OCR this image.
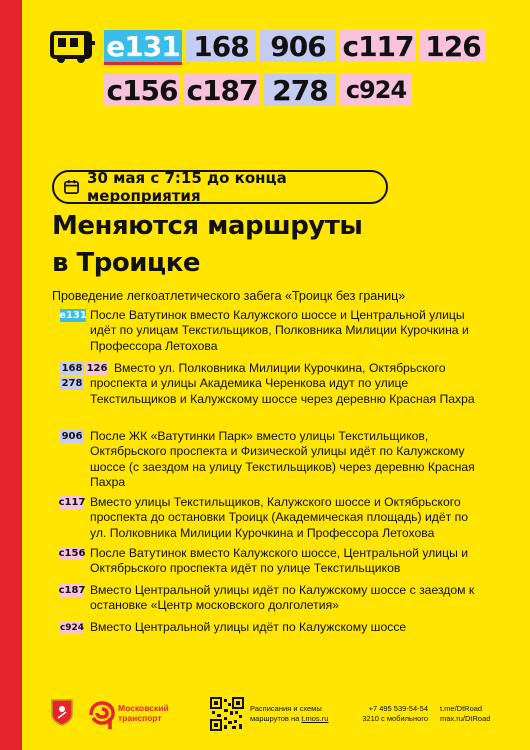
е131 168 906 с117 126
с156 с187 278 с924
30 мая с 7:15 до конца мероприятия
Меняются маршруты
в Троицке
Проведение легкоатлетического забега «Троицк без границ»
е131 После Ватутинок вместо Калужского шоссе и Центральной улицы идёт по улицам Текстильщиков, Полковника Милиции Курочкина и Профессора Летохова
168 126
278
Вместо ул. Полковника Милиции Курочкина, Октябрьского проспекта и улицы Академика Черенкова идут по улице Текстильщиков и Калужскому шоссе через деревню Красная Пахра
906 После ЖК «Ватутинки Парк» вместо улицы Текстильщиков, Октябрьского проспекта и Физической улицы идёт по Калужскому шоссе (с заездом на улицу Текстильщиков) через деревню Красная Пахра
с117 Вместо улицы Текстильщиков, Калужского шоссе и Октябрьского проспекта до остановки Троицк (Академическая площадь) идёт по ул. Полковника Милиции Курочкина и Профессора Летохова
с156 После Ватутинок вместо Калужского шоссе, Центральной улицы и Октябрьского проспекта идёт по улице Текстильщиков
с187 Вместо Центральной улицы идёт по Калужскому шоссе с заездом к остановке «Центр московского долголетия»
с924 Вместо Центральной улицы идёт по Калужскому шоссе
Московский
транспорт
Расписания и схемы
маршрутов на t.mos.ru
+7 495 539-54-54
3210 с мобильного
t.me/DtRoad
max.ru/DtRoad
